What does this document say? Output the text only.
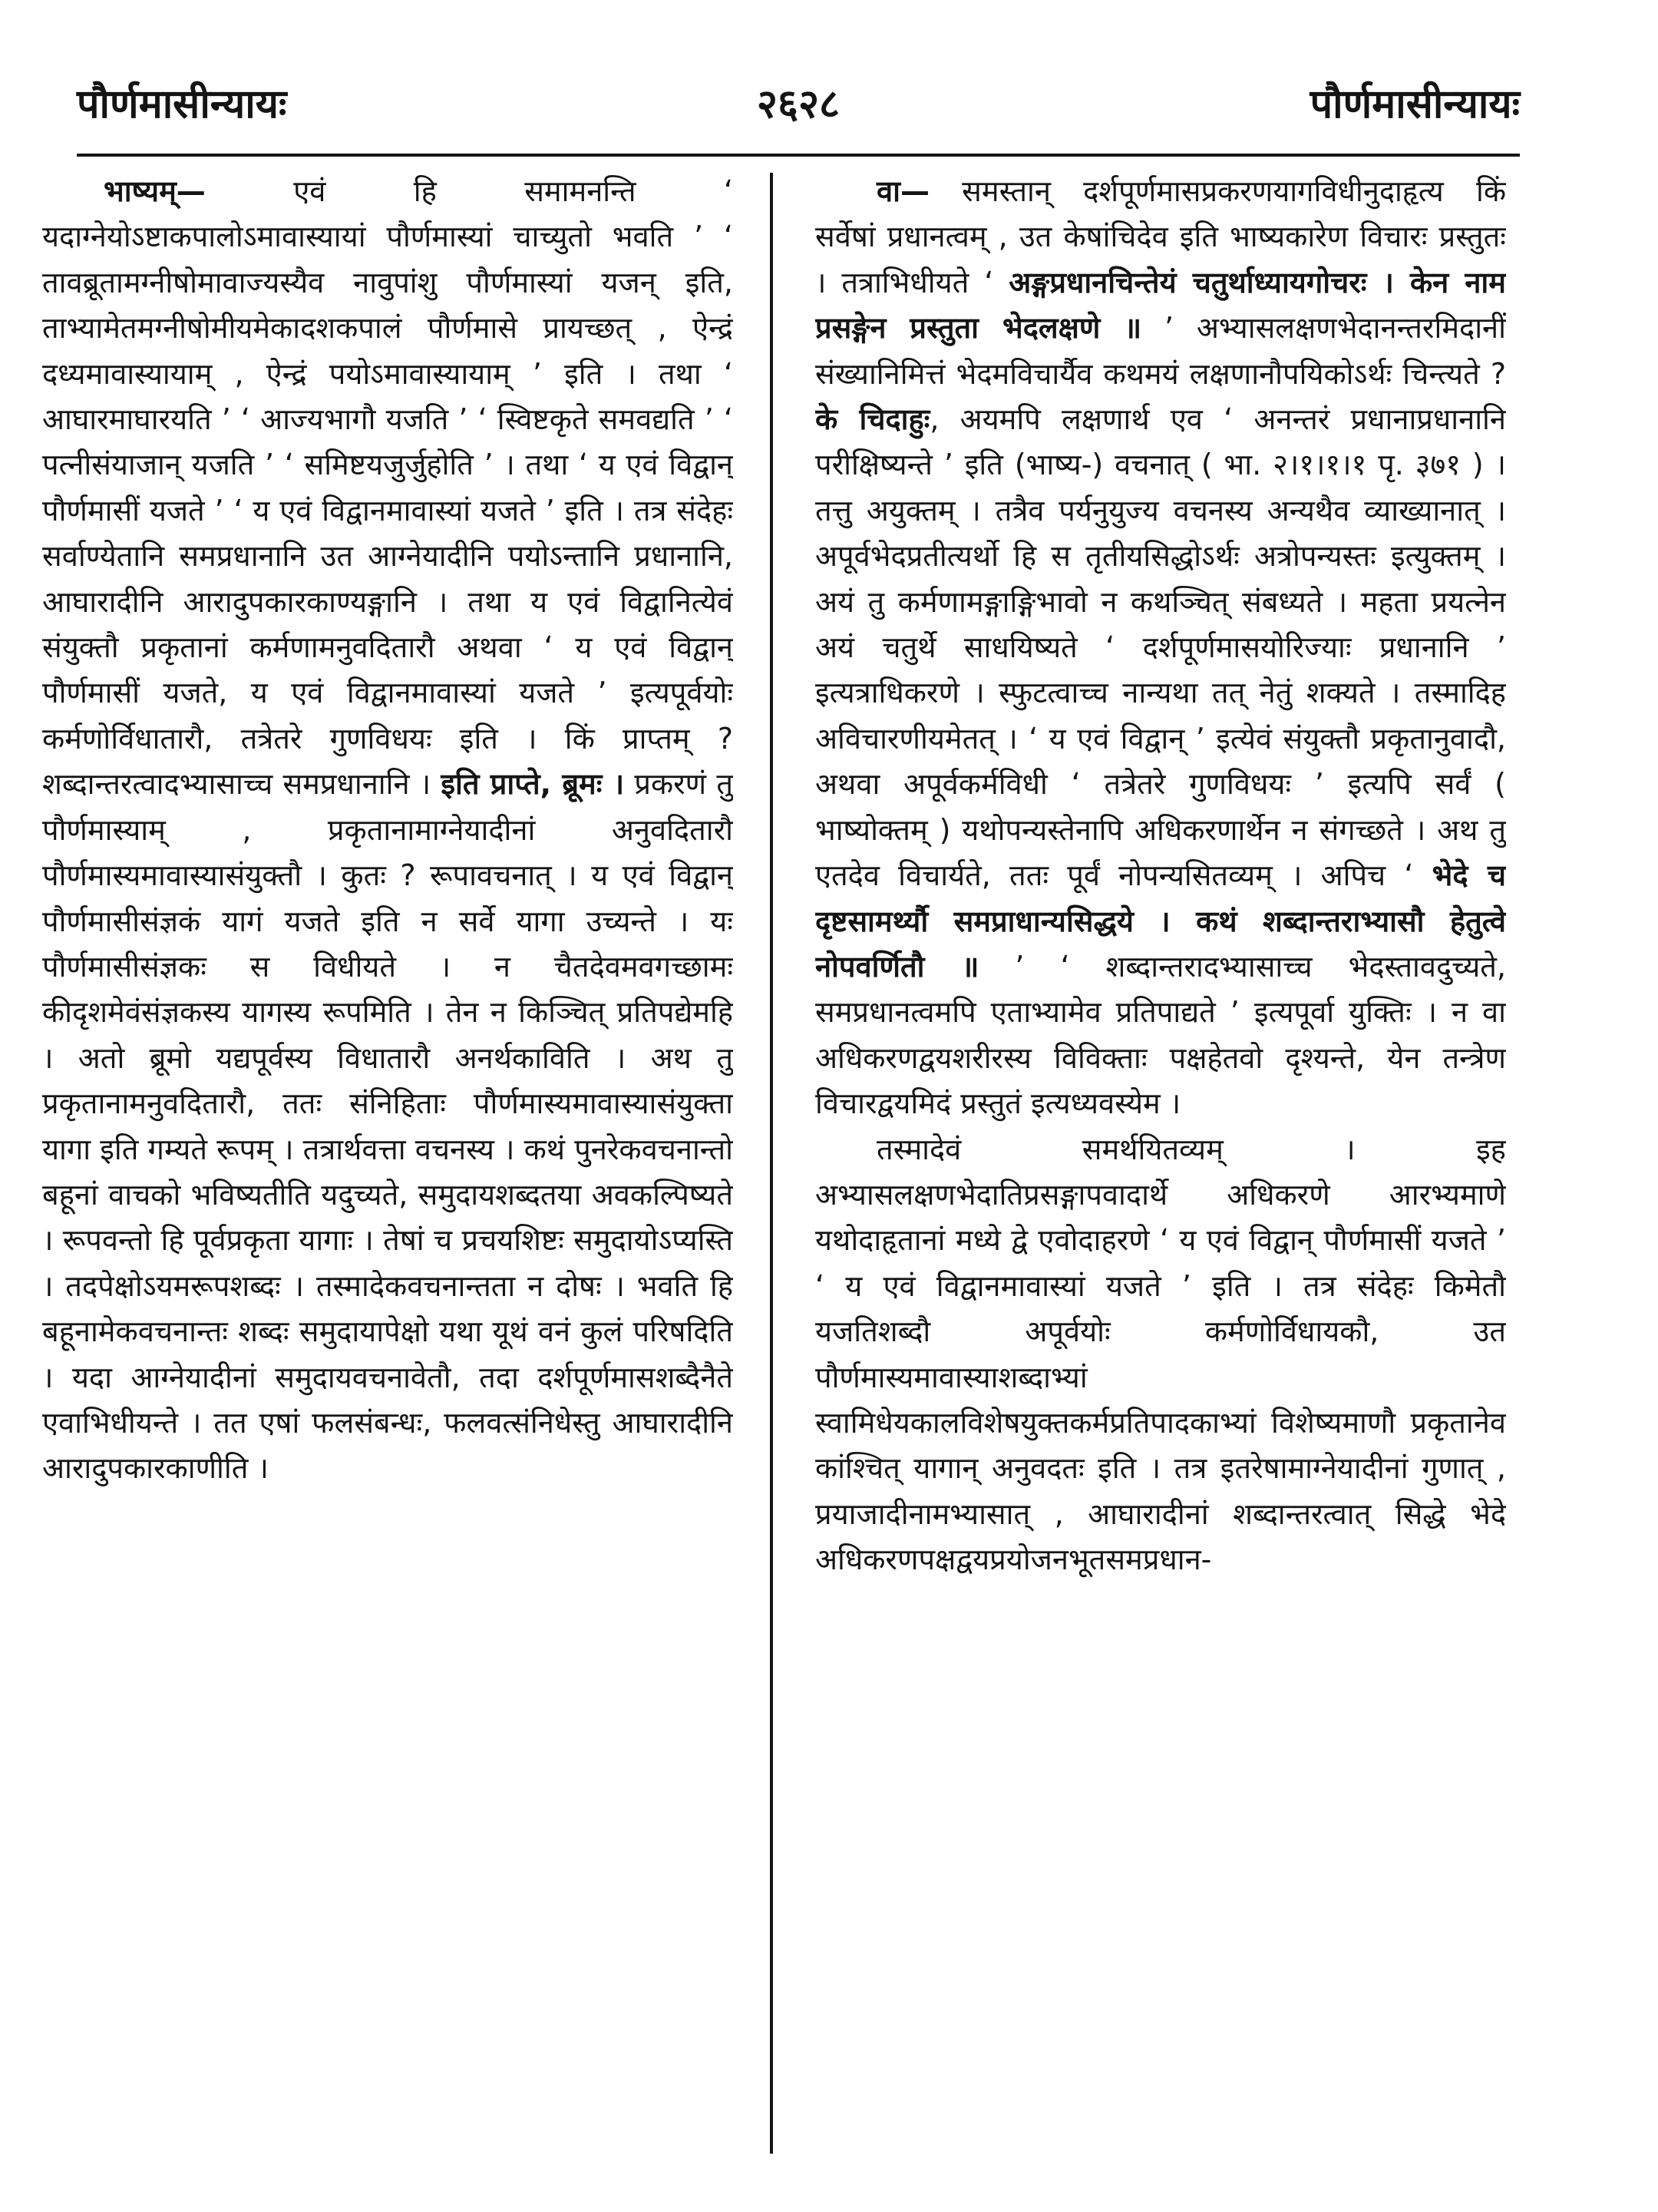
पौर्णमासीन्यायः	२६२८	पौर्णमासीन्यायः

भाष्यम्— एवं हि समामनन्ति ‘ यदाग्नेयोऽष्टाकपालोऽमावास्यायां पौर्णमास्यां चाच्युतो भवति ’ ‘ तावब्रूतामग्नीषोमावाज्यस्यैव नावुपांशु पौर्णमास्यां यजन् इति, ताभ्यामेतमग्नीषोमीयमेकादशकपालं पौर्णमासे प्रायच्छत् , ऐन्द्रं दध्यमावास्यायाम् , ऐन्द्रं पयोऽमावास्यायाम् ’ इति । तथा ‘ आघारमाघारयति ’ ‘ आज्यभागौ यजति ’ ‘ स्विष्टकृते समवद्यति ’ ‘ पत्नीसंयाजान् यजति ’ ‘ समिष्टयजुर्जुहोति ’ । तथा ‘ य एवं विद्वान् पौर्णमासीं यजते ’ ‘ य एवं विद्वानमावास्यां यजते ’ इति । तत्र संदेहः सर्वाण्येतानि समप्रधानानि उत आग्नेयादीनि पयोऽन्तानि प्रधानानि, आघारादीनि आरादुपकारकाण्यङ्गानि । तथा य एवं विद्वानित्येवं संयुक्तौ प्रकृतानां कर्मणामनुवदितारौ अथवा ‘ य एवं विद्वान् पौर्णमासीं यजते, य एवं विद्वानमावास्यां यजते ’ इत्यपूर्वयोः कर्मणोर्विधातारौ, तत्रेतरे गुणविधयः इति । किं प्राप्तम् ? शब्दान्तरत्वादभ्यासाच्च समप्रधानानि । इति प्राप्ते, ब्रूमः । प्रकरणं तु पौर्णमास्याम् , प्रकृतानामाग्नेयादीनां अनुवदितारौ पौर्णमास्यमावास्यासंयुक्तौ । कुतः ? रूपावचनात् । य एवं विद्वान् पौर्णमासीसंज्ञकं यागं यजते इति न सर्वे यागा उच्यन्ते । यः पौर्णमासीसंज्ञकः स विधीयते । न चैतदेवमवगच्छामः कीदृशमेवंसंज्ञकस्य यागस्य रूपमिति । तेन न किञ्चित् प्रतिपद्येमहि । अतो ब्रूमो यद्यपूर्वस्य विधातारौ अनर्थकाविति । अथ तु प्रकृतानामनुवदितारौ, ततः संनिहिताः पौर्णमास्यमावास्यासंयुक्ता यागा इति गम्यते रूपम् । तत्रार्थवत्ता वचनस्य । कथं पुनरेकवचनान्तो बहूनां वाचको भविष्यतीति यदुच्यते, समुदायशब्दतया अवकल्पिष्यते । रूपवन्तो हि पूर्वप्रकृता यागाः । तेषां च प्रचयशिष्टः समुदायोऽप्यस्ति । तदपेक्षोऽयमरूपशब्दः । तस्मादेकवचनान्तता न दोषः । भवति हि बहूनामेकवचनान्तः शब्दः समुदायापेक्षो यथा यूथं वनं कुलं परिषदिति । यदा आग्नेयादीनां समुदायवचनावेतौ, तदा दर्शपूर्णमासशब्दैनैते एवाभिधीयन्ते । तत एषां फलसंबन्धः, फलवत्संनिधेस्तु आघारादीनि आरादुपकारकाणीति ।

वा— समस्तान् दर्शपूर्णमासप्रकरणयागविधीनुदाहृत्य किं सर्वेषां प्रधानत्वम् , उत केषांचिदेव इति भाष्यकारेण विचारः प्रस्तुतः । तत्राभिधीयते ‘ अङ्गप्रधानचिन्तेयं चतुर्थाध्यायगोचरः । केन नाम प्रसङ्गेन प्रस्तुता भेदलक्षणे ॥ ’ अभ्यासलक्षणभेदानन्तरमिदानीं संख्यानिमित्तं भेदमविचार्यैव कथमयं लक्षणानौपयिकोऽर्थः चिन्त्यते ? के चिदाहुः, अयमपि लक्षणार्थ एव ‘ अनन्तरं प्रधानाप्रधानानि परीक्षिष्यन्ते ’ इति (भाष्य-) वचनात् ( भा. २।१।१।१ पृ. ३७१ ) । तत्तु अयुक्तम् । तत्रैव पर्यनुयुज्य वचनस्य अन्यथैव व्याख्यानात् । अपूर्वभेदप्रतीत्यर्थो हि स तृतीयसिद्धोऽर्थः अत्रोपन्यस्तः इत्युक्तम् । अयं तु कर्मणामङ्गाङ्गिभावो न कथञ्चित् संबध्यते । महता प्रयत्नेन अयं चतुर्थे साधयिष्यते ‘ दर्शपूर्णमासयोरिज्याः प्रधानानि ’ इत्यत्राधिकरणे । स्फुटत्वाच्च नान्यथा तत् नेतुं शक्यते । तस्मादिह अविचारणीयमेतत् । ‘ य एवं विद्वान् ’ इत्येवं संयुक्तौ प्रकृतानुवादौ, अथवा अपूर्वकर्मविधी ‘ तत्रेतरे गुणविधयः ’ इत्यपि सर्वं ( भाष्योक्तम् ) यथोपन्यस्तेनापि अधिकरणार्थेन न संगच्छते । अथ तु एतदेव विचार्यते, ततः पूर्वं नोपन्यसितव्यम् । अपिच ‘ भेदे च दृष्टसामर्थ्यौ समप्राधान्यसिद्धये । कथं शब्दान्तराभ्यासौ हेतुत्वे नोपवर्णितौ ॥ ’ ‘ शब्दान्तरादभ्यासाच्च भेदस्तावदुच्यते, समप्रधानत्वमपि एताभ्यामेव प्रतिपाद्यते ’ इत्यपूर्वा युक्तिः । न वा अधिकरणद्वयशरीरस्य विविक्ताः पक्षहेतवो दृश्यन्ते, येन तन्त्रेण विचारद्वयमिदं प्रस्तुतं इत्यध्यवस्येम ।

तस्मादेवं समर्थयितव्यम् । इह अभ्यासलक्षणभेदातिप्रसङ्गापवादार्थे अधिकरणे आरभ्यमाणे यथोदाहृतानां मध्ये द्वे एवोदाहरणे ‘ य एवं विद्वान् पौर्णमासीं यजते ’ ‘ य एवं विद्वानमावास्यां यजते ’ इति । तत्र संदेहः किमेतौ यजतिशब्दौ अपूर्वयोः कर्मणोर्विधायकौ, उत पौर्णमास्यमावास्याशब्दाभ्यां स्वामिधेयकालविशेषयुक्तकर्मप्रतिपादकाभ्यां विशेष्यमाणौ प्रकृतानेव कांश्चित् यागान् अनुवदतः इति । तत्र इतरेषामाग्नेयादीनां गुणात् , प्रयाजादीनामभ्यासात् , आघारादीनां शब्दान्तरत्वात् सिद्धे भेदे अधिकरणपक्षद्वयप्रयोजनभूतसमप्रधान-
